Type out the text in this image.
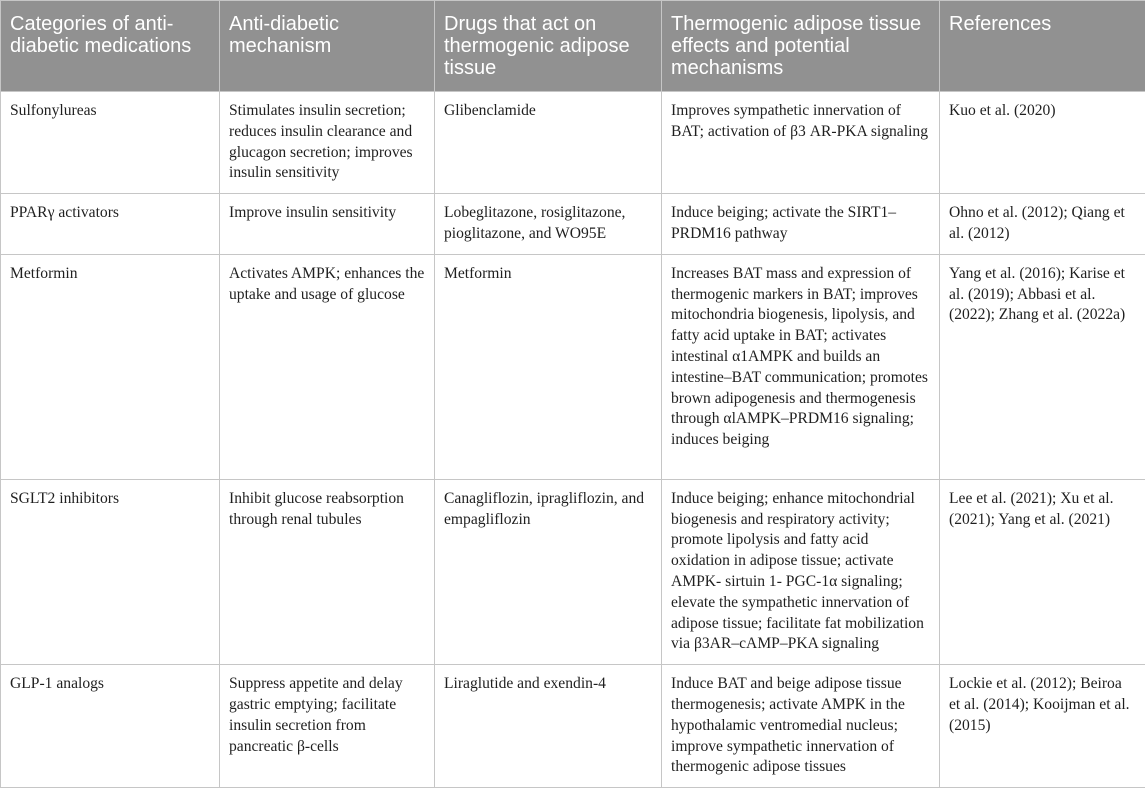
Categories of anti-diabetic medications	Anti-diabetic mechanism	Drugs that act on thermogenic adipose tissue	Thermogenic adipose tissue effects and potential mechanisms	References
Sulfonylureas	Stimulates insulin secretion; reduces insulin clearance and glucagon secretion; improves insulin sensitivity	Glibenclamide	Improves sympathetic innervation of BAT; activation of β3 AR-PKA signaling	Kuo et al. (2020)
PPARγ activators	Improve insulin sensitivity	Lobeglitazone, rosiglitazone, pioglitazone, and WO95E	Induce beiging; activate the SIRT1–PRDM16 pathway	Ohno et al. (2012); Qiang et al. (2012)
Metformin	Activates AMPK; enhances the uptake and usage of glucose	Metformin	Increases BAT mass and expression of thermogenic markers in BAT; improves mitochondria biogenesis, lipolysis, and fatty acid uptake in BAT; activates intestinal α1AMPK and builds an intestine–BAT communication; promotes brown adipogenesis and thermogenesis through αlAMPK–PRDM16 signaling; induces beiging	Yang et al. (2016); Karise et al. (2019); Abbasi et al. (2022); Zhang et al. (2022a)
SGLT2 inhibitors	Inhibit glucose reabsorption through renal tubules	Canagliflozin, ipragliflozin, and empagliflozin	Induce beiging; enhance mitochondrial biogenesis and respiratory activity; promote lipolysis and fatty acid oxidation in adipose tissue; activate AMPK- sirtuin 1- PGC-1α signaling; elevate the sympathetic innervation of adipose tissue; facilitate fat mobilization via β3AR–cAMP–PKA signaling	Lee et al. (2021); Xu et al. (2021); Yang et al. (2021)
GLP-1 analogs	Suppress appetite and delay gastric emptying; facilitate insulin secretion from pancreatic β-cells	Liraglutide and exendin-4	Induce BAT and beige adipose tissue thermogenesis; activate AMPK in the hypothalamic ventromedial nucleus; improve sympathetic innervation of thermogenic adipose tissues	Lockie et al. (2012); Beiroa et al. (2014); Kooijman et al. (2015)
